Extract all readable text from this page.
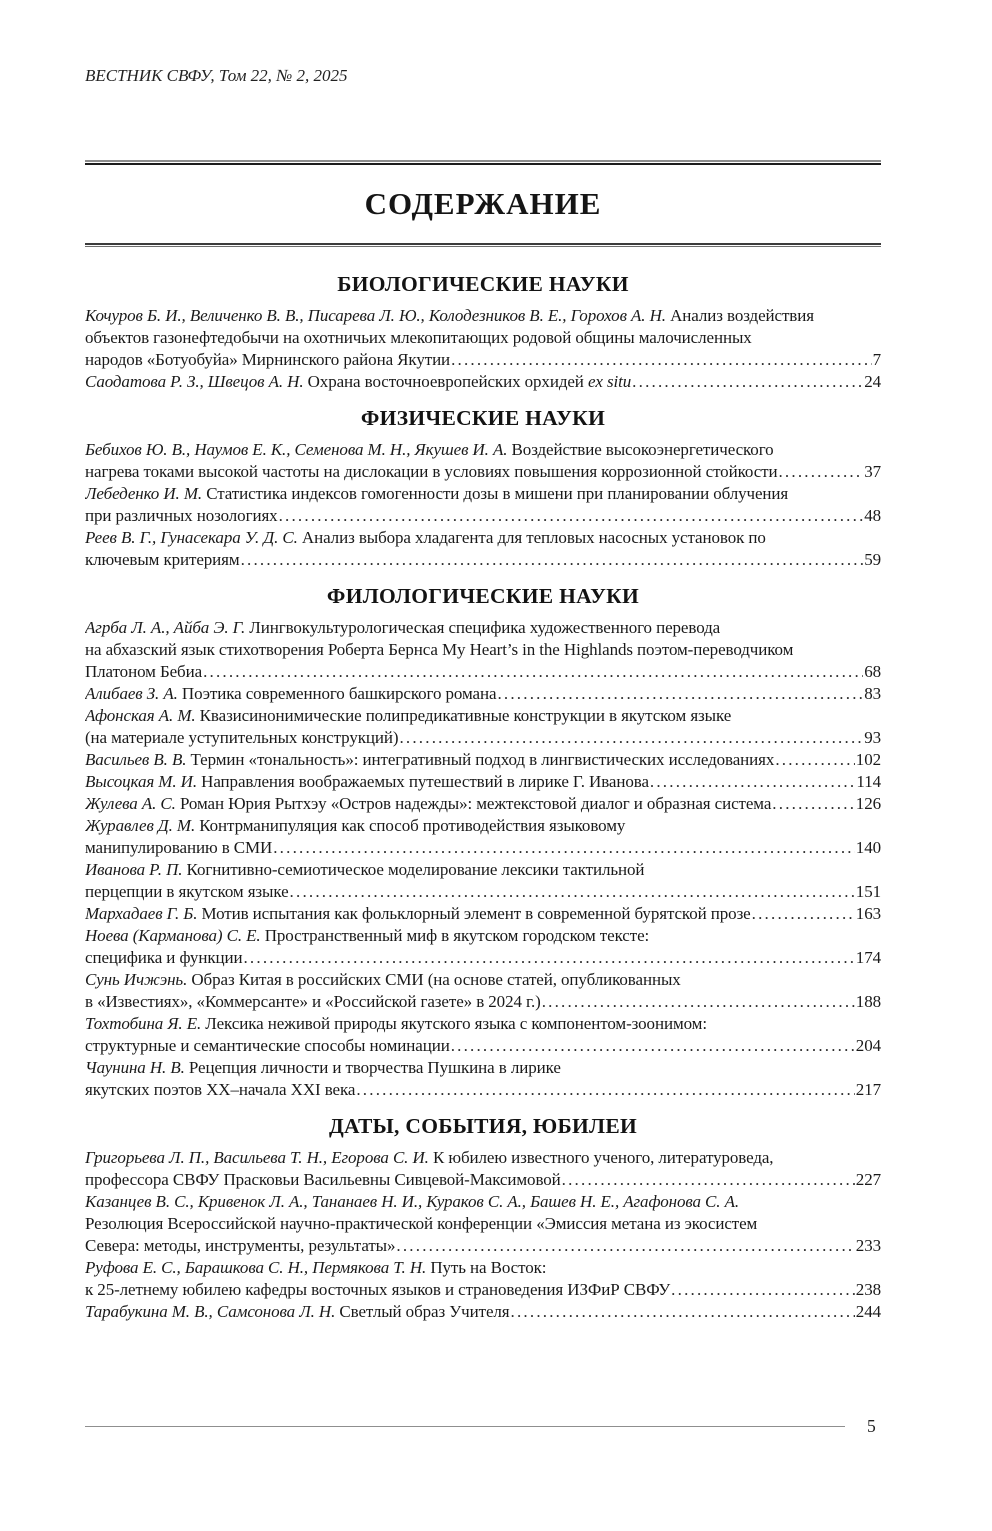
ВЕСТНИК СВФУ, Том 22, № 2, 2025
СОДЕРЖАНИЕ
БИОЛОГИЧЕСКИЕ НАУКИ
Кочуров Б. И., Величенко В. В., Писарева Л. Ю., Колодезников В. Е., Горохов А. Н. Анализ воздействия
объектов газонефтедобычи на охотничьих млекопитающих родовой общины малочисленных
народов «Ботуобуйа» Мирнинского района Якутии .....	7
Саодатова Р. З., Швецов А. Н. Охрана восточноевропейских орхидей ex situ .....	24
ФИЗИЧЕСКИЕ НАУКИ
Бебихов Ю. В., Наумов Е. К., Семенова М. Н., Якушев И. А. Воздействие высокоэнергетического
нагрева токами высокой частоты на дислокации в условиях повышения коррозионной стойкости .....	37
Лебеденко И. М. Статистика индексов гомогенности дозы в мишени при планировании облучения
при различных нозологиях .....	48
Реев В. Г., Гунасекара У. Д. С. Анализ выбора хладагента для тепловых насосных установок по
ключевым критериям .....	59
ФИЛОЛОГИЧЕСКИЕ НАУКИ
Агрба Л. А., Айба Э. Г. Лингвокультурологическая специфика художественного перевода
на абхазский язык стихотворения Роберта Бернса My Heart’s in the Highlands поэтом-переводчиком
Платоном Бебиа .....	68
Алибаев З. А. Поэтика современного башкирского романа .....	83
Афонская А. М. Квазисинонимические полипредикативные конструкции в якутском языке
(на материале уступительных конструкций) .....	93
Васильев В. В. Термин «тональность»: интегративный подход в лингвистических исследованиях .....	102
Высоцкая М. И. Направления воображаемых путешествий в лирике Г. Иванова .....	114
Жулева А. С. Роман Юрия Рытхэу «Остров надежды»: межтекстовой диалог и образная система .....	126
Журавлев Д. М. Контрманипуляция как способ противодействия языковому
манипулированию в СМИ .....	140
Иванова Р. П. Когнитивно-семиотическое моделирование лексики тактильной
перцепции в якутском языке .....	151
Мархадаев Г. Б. Мотив испытания как фольклорный элемент в современной бурятской прозе .....	163
Ноева (Карманова) С. Е. Пространственный миф в якутском городском тексте:
специфика и функции .....	174
Сунь Ичжэнь. Образ Китая в российских СМИ (на основе статей, опубликованных
в «Известиях», «Коммерсанте» и «Российской газете» в 2024 г.) .....	188
Тохтобина Я. Е. Лексика неживой природы якутского языка с компонентом-зоонимом:
структурные и семантические способы номинации .....	204
Чаунина Н. В. Рецепция личности и творчества Пушкина в лирике
якутских поэтов ХХ–начала XXI века .....	217
ДАТЫ, СОБЫТИЯ, ЮБИЛЕИ
Григорьева Л. П., Васильева Т. Н., Егорова С. И. К юбилею известного ученого, литературоведа,
профессора СВФУ Прасковьи Васильевны Сивцевой-Максимовой .....	227
Казанцев В. С., Кривенок Л. А., Тананаев Н. И., Кураков С. А., Башев Н. Е., Агафонова С. А.
Резолюция Всероссийской научно-практической конференции «Эмиссия метана из экосистем
Севера: методы, инструменты, результаты» .....	233
Руфова Е. С., Барашкова С. Н., Пермякова Т. Н. Путь на Восток:
к 25-летнему юбилею кафедры восточных языков и страноведения ИЗФиР СВФУ .....	238
Тарабукина М. В., Самсонова Л. Н. Светлый образ Учителя .....	244
5
